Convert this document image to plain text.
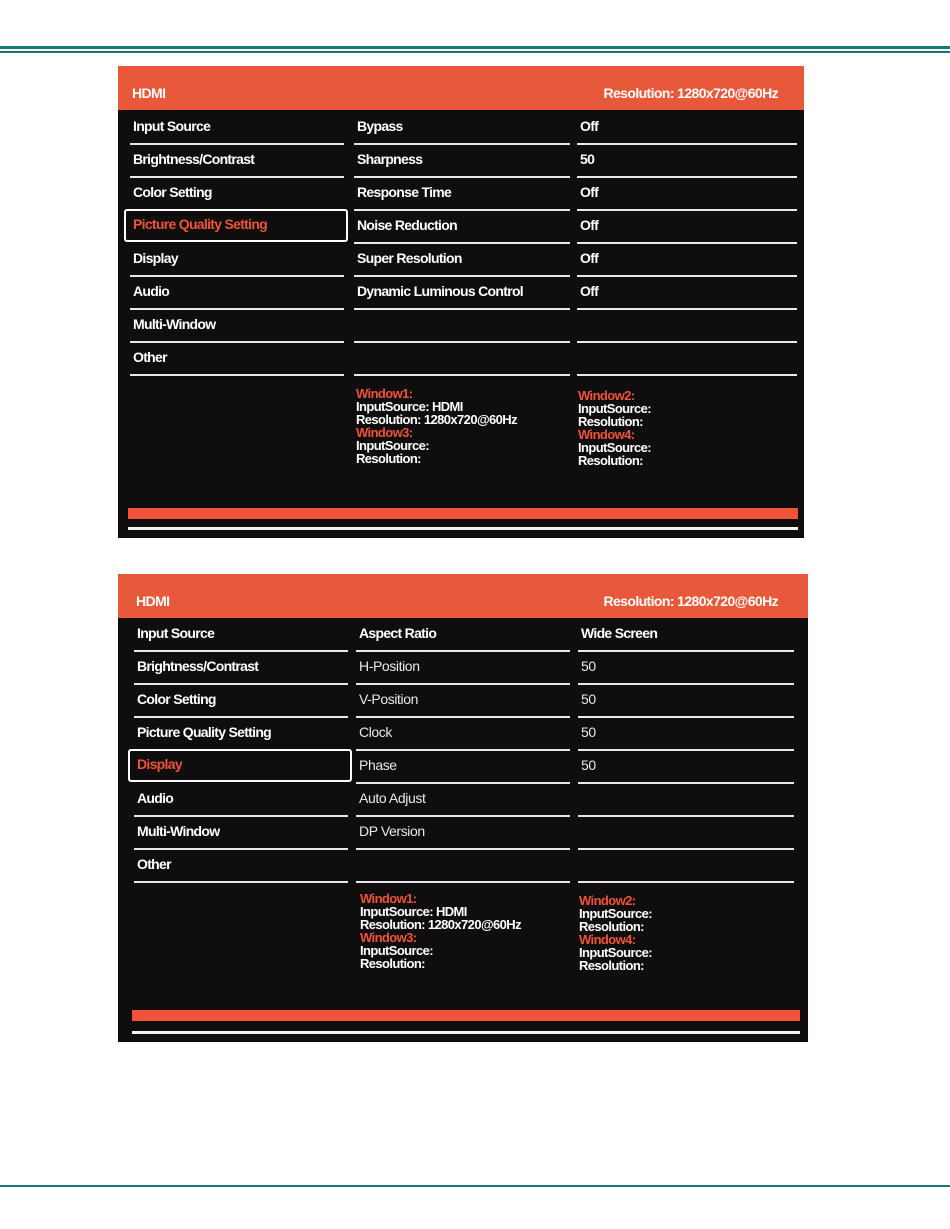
HDMI	Resolution: 1280x720@60Hz
Input Source
Brightness/Contrast
Color Setting
Picture Quality Setting
Display
Audio
Multi-Window
Other
Bypass
Sharpness
Response Time
Noise Reduction
Super Resolution
Dynamic Luminous Control
Off
50
Off
Off
Off
Off
Window1:
InputSource: HDMI
Resolution: 1280x720@60Hz
Window3:
InputSource:
Resolution:
Window2:
InputSource:
Resolution:
Window4:
InputSource:
Resolution:
HDMI	Resolution: 1280x720@60Hz
Input Source
Brightness/Contrast
Color Setting
Picture Quality Setting
Display
Audio
Multi-Window
Other
Aspect Ratio
H-Position
V-Position
Clock
Phase
Auto Adjust
DP Version
Wide Screen
50
50
50
50
Window1:
InputSource: HDMI
Resolution: 1280x720@60Hz
Window3:
InputSource:
Resolution:
Window2:
InputSource:
Resolution:
Window4:
InputSource:
Resolution:
